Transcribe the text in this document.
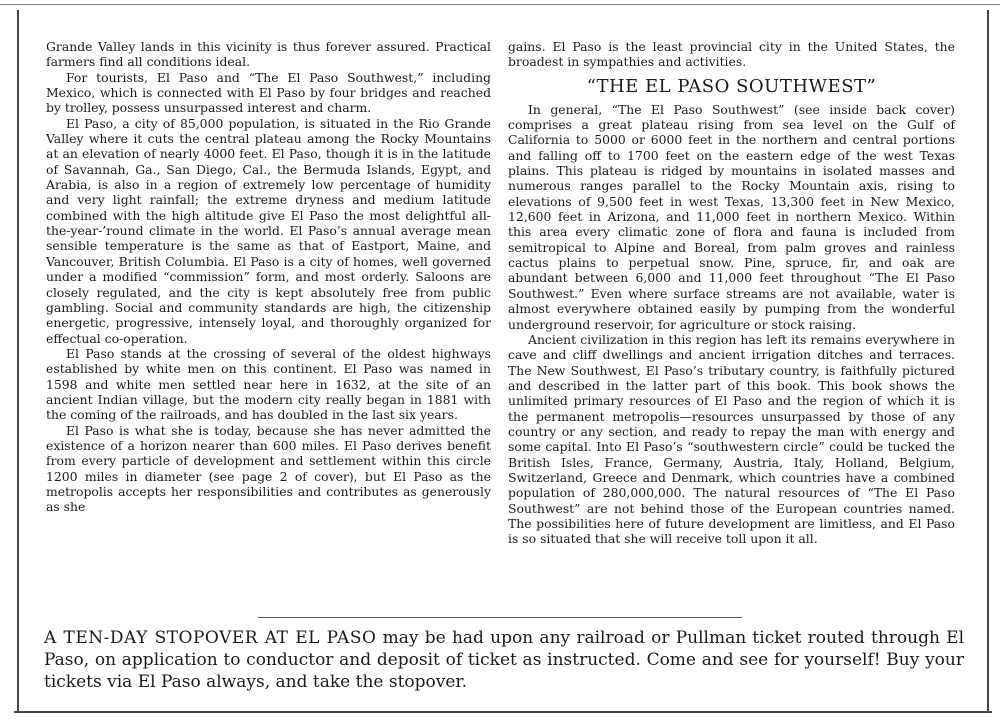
Grande Valley lands in this vicinity is thus forever assured. Practical farmers find all conditions ideal.

For tourists, El Paso and “The El Paso Southwest,” including Mexico, which is connected with El Paso by four bridges and reached by trolley, possess unsurpassed interest and charm.

El Paso, a city of 85,000 population, is situated in the Rio Grande Valley where it cuts the central plateau among the Rocky Mountains at an elevation of nearly 4000 feet. El Paso, though it is in the latitude of Savannah, Ga., San Diego, Cal., the Bermuda Islands, Egypt, and Arabia, is also in a region of extremely low percentage of humidity and very light rainfall; the extreme dryness and medium latitude combined with the high altitude give El Paso the most delightful all-the-year-’round climate in the world. El Paso’s annual average mean sensible temperature is the same as that of Eastport, Maine, and Vancouver, British Columbia. El Paso is a city of homes, well governed under a modified “commission” form, and most orderly. Saloons are closely regulated, and the city is kept absolutely free from public gambling. Social and community standards are high, the citizenship energetic, progressive, intensely loyal, and thoroughly organized for effectual co-operation.

El Paso stands at the crossing of several of the oldest highways established by white men on this continent. El Paso was named in 1598 and white men settled near here in 1632, at the site of an ancient Indian village, but the modern city really began in 1881 with the coming of the railroads, and has doubled in the last six years.

El Paso is what she is today, because she has never admitted the existence of a horizon nearer than 600 miles. El Paso derives benefit from every particle of development and settlement within this circle 1200 miles in diameter (see page 2 of cover), but El Paso as the metropolis accepts her responsibilities and contributes as generously as she

gains. El Paso is the least provincial city in the United States, the broadest in sympathies and activities.

“THE EL PASO SOUTHWEST”

In general, “The El Paso Southwest” (see inside back cover) comprises a great plateau rising from sea level on the Gulf of California to 5000 or 6000 feet in the northern and central portions and falling off to 1700 feet on the eastern edge of the west Texas plains. This plateau is ridged by mountains in isolated masses and numerous ranges parallel to the Rocky Mountain axis, rising to elevations of 9,500 feet in west Texas, 13,300 feet in New Mexico, 12,600 feet in Arizona, and 11,000 feet in northern Mexico. Within this area every climatic zone of flora and fauna is included from semitropical to Alpine and Boreal, from palm groves and rainless cactus plains to perpetual snow. Pine, spruce, fir, and oak are abundant between 6,000 and 11,000 feet throughout “The El Paso Southwest.” Even where surface streams are not available, water is almost everywhere obtained easily by pumping from the wonderful underground reservoir, for agriculture or stock raising.

Ancient civilization in this region has left its remains everywhere in cave and cliff dwellings and ancient irrigation ditches and terraces. The New Southwest, El Paso’s tributary country, is faithfully pictured and described in the latter part of this book. This book shows the unlimited primary resources of El Paso and the region of which it is the permanent metropolis—resources unsurpassed by those of any country or any section, and ready to repay the man with energy and some capital. Into El Paso’s “southwestern circle” could be tucked the British Isles, France, Germany, Austria, Italy, Holland, Belgium, Switzerland, Greece and Denmark, which countries have a combined population of 280,000,000. The natural resources of “The El Paso Southwest” are not behind those of the European countries named. The possibilities here of future development are limitless, and El Paso is so situated that she will receive toll upon it all.

A TEN-DAY STOPOVER AT EL PASO may be had upon any railroad or Pullman ticket routed through El Paso, on application to conductor and deposit of ticket as instructed. Come and see for yourself! Buy your tickets via El Paso always, and take the stopover.
